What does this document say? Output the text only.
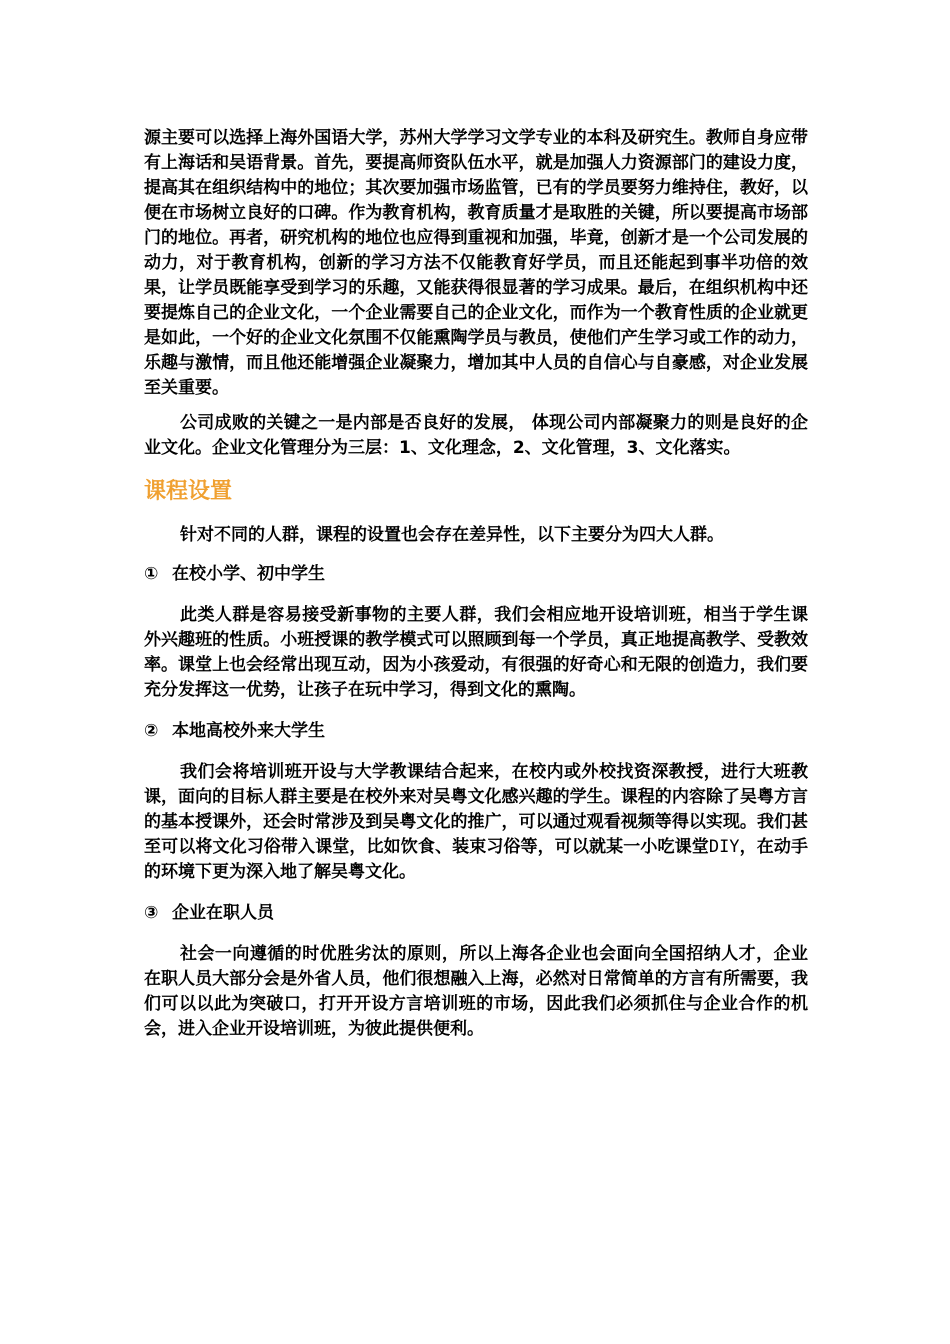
源主要可以选择上海外国语大学，苏州大学学习文学专业的本科及研究生。教师自身应带有上海话和吴语背景。首先，要提高师资队伍水平，就是加强人力资源部门的建设力度，提高其在组织结构中的地位；其次要加强市场监管，已有的学员要努力维持住，教好，以便在市场树立良好的口碑。作为教育机构，教育质量才是取胜的关键，所以要提高市场部门的地位。再者，研究机构的地位也应得到重视和加强，毕竟，创新才是一个公司发展的动力，对于教育机构，创新的学习方法不仅能教育好学员，而且还能起到事半功倍的效果，让学员既能享受到学习的乐趣，又能获得很显著的学习成果。最后，在组织机构中还要提炼自己的企业文化，一个企业需要自己的企业文化，而作为一个教育性质的企业就更是如此，一个好的企业文化氛围不仅能熏陶学员与教员，使他们产生学习或工作的动力，乐趣与激情，而且他还能增强企业凝聚力，增加其中人员的自信心与自豪感，对企业发展至关重要。

公司成败的关键之一是内部是否良好的发展， 体现公司内部凝聚力的则是良好的企业文化。企业文化管理分为三层：1、文化理念，2、文化管理，3、文化落实。

课程设置

针对不同的人群，课程的设置也会存在差异性，以下主要分为四大人群。

① 在校小学、初中学生

此类人群是容易接受新事物的主要人群，我们会相应地开设培训班，相当于学生课外兴趣班的性质。小班授课的教学模式可以照顾到每一个学员，真正地提高教学、受教效率。课堂上也会经常出现互动，因为小孩爱动，有很强的好奇心和无限的创造力，我们要充分发挥这一优势，让孩子在玩中学习，得到文化的熏陶。

② 本地高校外来大学生

我们会将培训班开设与大学教课结合起来，在校内或外校找资深教授，进行大班教课，面向的目标人群主要是在校外来对吴粤文化感兴趣的学生。课程的内容除了吴粤方言的基本授课外，还会时常涉及到吴粤文化的推广，可以通过观看视频等得以实现。我们甚至可以将文化习俗带入课堂，比如饮食、装束习俗等，可以就某一小吃课堂DIY，在动手的环境下更为深入地了解吴粤文化。

③ 企业在职人员

社会一向遵循的时优胜劣汰的原则，所以上海各企业也会面向全国招纳人才，企业在职人员大部分会是外省人员，他们很想融入上海，必然对日常简单的方言有所需要，我们可以以此为突破口，打开开设方言培训班的市场，因此我们必须抓住与企业合作的机会，进入企业开设培训班，为彼此提供便利。
